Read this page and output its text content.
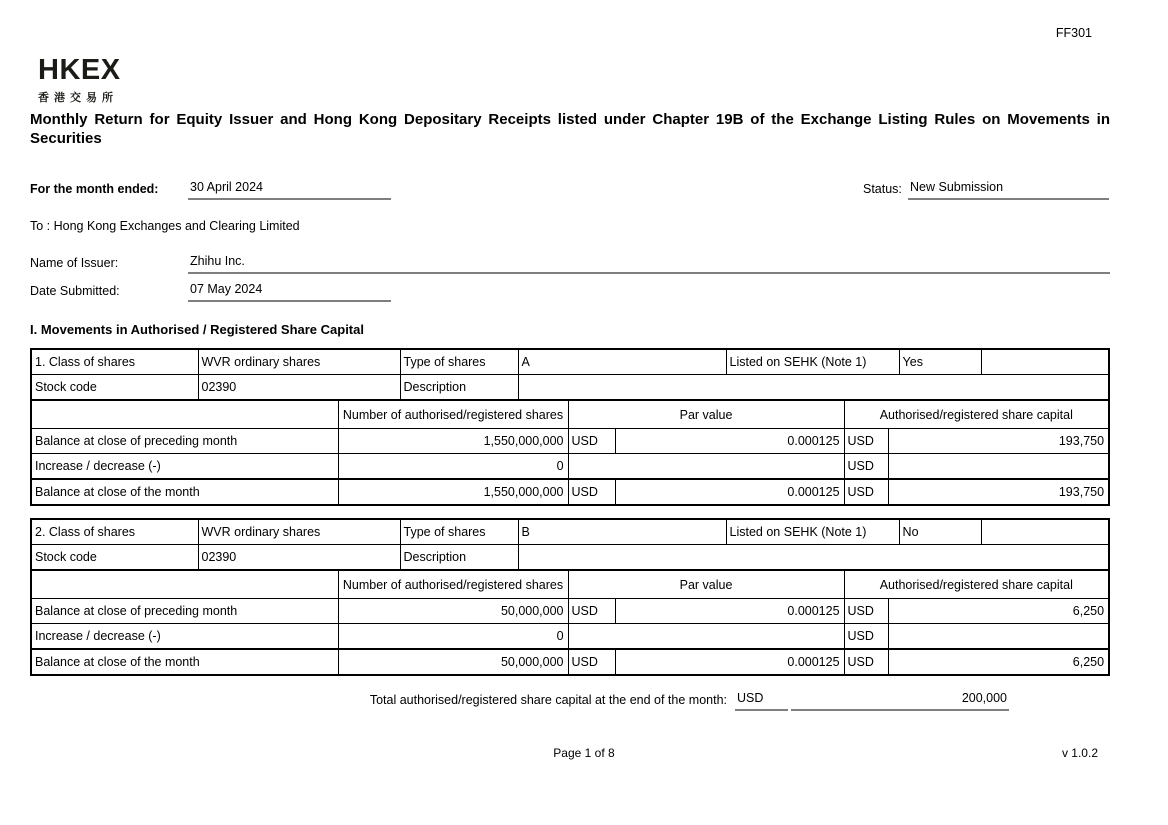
FF301
HKEX
香港交易所
Monthly Return for Equity Issuer and Hong Kong Depositary Receipts listed under Chapter 19B of the Exchange Listing Rules on Movements in Securities
For the month ended:	30 April 2024	Status: New Submission
To : Hong Kong Exchanges and Clearing Limited
Name of Issuer:	Zhihu Inc.
Date Submitted:	07 May 2024
I. Movements in Authorised / Registered Share Capital
1. Class of shares	WVR ordinary shares		Type of shares	A			Listed on SEHK (Note 1)			Yes	
Stock code	02390		Description								
		Number of authorised/registered shares			Par value			Authorised/registered share capital			
Balance at close of preceding month		1,550,000,000			USD	0.000125		USD	193,750		
Increase / decrease (-)		0						USD			
Balance at close of the month		1,550,000,000			USD	0.000125		USD	193,750		
2. Class of shares	WVR ordinary shares		Type of shares	B			Listed on SEHK (Note 1)			No	
Stock code	02390		Description								
		Number of authorised/registered shares			Par value			Authorised/registered share capital			
Balance at close of preceding month		50,000,000			USD	0.000125		USD	6,250		
Increase / decrease (-)		0						USD			
Balance at close of the month		50,000,000			USD	0.000125		USD	6,250		
Total authorised/registered share capital at the end of the month: USD	200,000
Page 1 of 8	v 1.0.2
